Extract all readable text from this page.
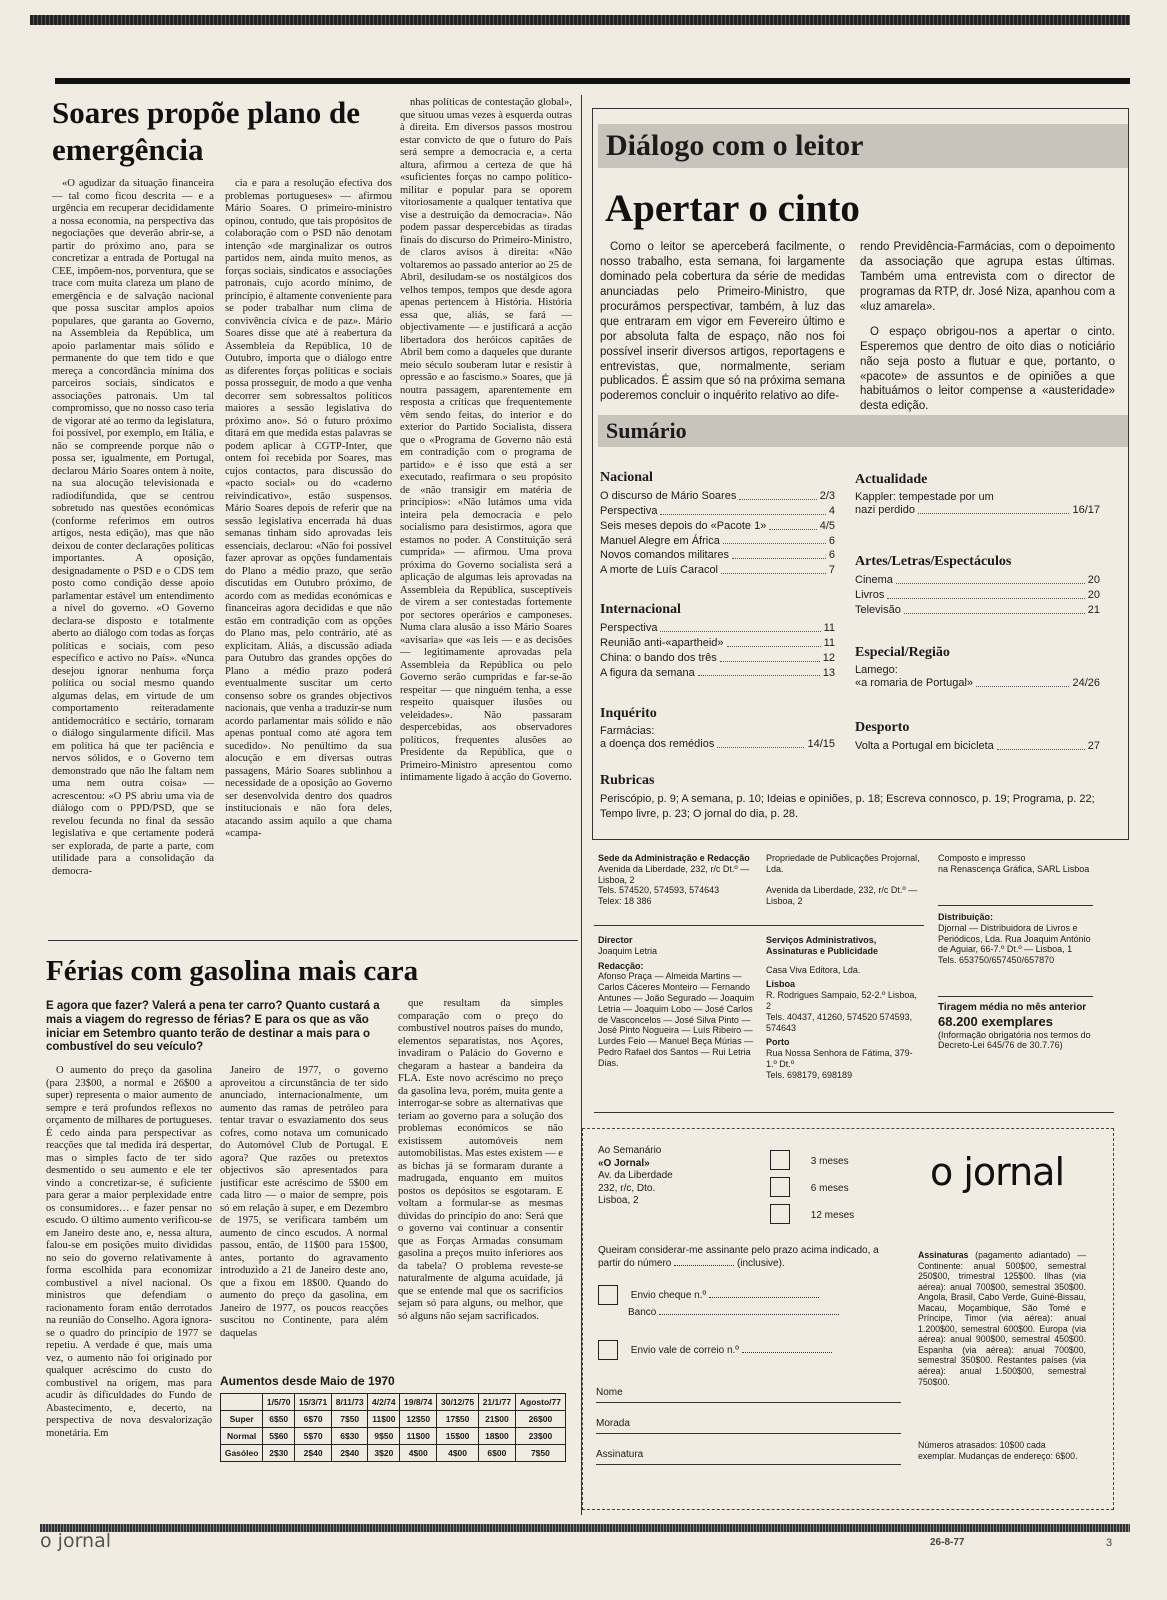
Soares propõe plano de emergência

«O agudizar da situação financeira — tal como ficou descrita — e a urgência em recuperar decididamente a nossa economia, na perspectiva das negociações que deverão abrir-se, a partir do próximo ano, para se concretizar a entrada de Portugal na CEE, impõem-nos, porventura, que se trace com muita clareza um plano de emergência e de salvação nacional que possa suscitar amplos apoios populares, que garanta ao Governo, na Assembleia da República, um apoio parlamentar mais sólido e permanente do que tem tido e que mereça a concordância mínima dos parceiros sociais, sindicatos e associações patronais. Um tal compromisso, que no nosso caso teria de vigorar até ao termo da legislatura, foi possível, por exemplo, em Itália, e não se compreende porque não o possa ser, igualmente, em Portugal, declarou Mário Soares ontem à noite, na sua alocução televisionada e radiodifundida, que se centrou sobretudo nas questões económicas (conforme referimos em outros artigos, nesta edição), mas que não deixou de conter declarações políticas importantes. A oposição, designadamente o PSD e o CDS tem posto como condição desse apoio parlamentar estável um entendimento a nível do governo. «O Governo declara-se disposto e totalmente aberto ao diálogo com todas as forças políticas e sociais, com peso específico e activo no País». «Nunca desejou ignorar nenhuma força política ou social mesmo quando algumas delas, em virtude de um comportamento reiteradamente antidemocrático e sectário, tornaram o diálogo singularmente difícil. Mas em política há que ter paciência e nervos sólidos, e o Governo tem demonstrado que não lhe faltam nem uma nem outra coisa» — acrescentou: «O PS abriu uma via de diálogo com o PPD/PSD, que se revelou fecunda no final da sessão legislativa e que certamente poderá ser explorada, de parte a parte, com utilidade para a consolidação da democra-

cia e para a resolução efectiva dos problemas portugueses» — afirmou Mário Soares. O primeiro-ministro opinou, contudo, que tais propósitos de colaboração com o PSD não denotam intenção «de marginalizar os outros partidos nem, ainda muito menos, as forças sociais, sindicatos e associações patronais, cujo acordo mínimo, de princípio, é altamente conveniente para se poder trabalhar num clima de convivência cívica e de paz». Mário Soares disse que até à reabertura da Assembleia da República, 10 de Outubro, importa que o diálogo entre as diferentes forças políticas e sociais possa prosseguir, de modo a que venha decorrer sem sobressaltos políticos maiores a sessão legislativa do próximo ano». Só o futuro próximo ditará em que medida estas palavras se podem aplicar à CGTP-Inter, que ontem foi recebida por Soares, mas cujos contactos, para discussão do «pacto social» ou do «caderno reivindicativo», estão suspensos. Mário Soares depois de referir que na sessão legislativa encerrada há duas semanas tinham sido aprovadas leis essenciais, declarou: «Não foi possível fazer aprovar as opções fundamentais do Plano a médio prazo, que serão discutidas em Outubro próximo, de acordo com as medidas económicas e financeiras agora decididas e que não estão em contradição com as opções do Plano mas, pelo contrário, até as explicitam. Aliás, a discussão adiada para Outubro das grandes opções do Plano a médio prazo poderá eventualmente suscitar um certo consenso sobre os grandes objectivos nacionais, que venha a traduzir-se num acordo parlamentar mais sólido e não apenas pontual como até agora tem sucedido». No penúltimo da sua alocução e em diversas outras passagens, Mário Soares sublinhou a necessidade de a oposição ao Governo ser desenvolvida dentro dos quadros institucionais e não fora deles, atacando assim aquilo a que chama «campa-

nhas políticas de contestação global», que situou umas vezes à esquerda outras à direita. Em diversos passos mostrou estar convicto de que o futuro do País será sempre a democracia e, a certa altura, afirmou a certeza de que há «suficientes forças no campo político-militar e popular para se oporem vitoriosamente a qualquer tentativa que vise a destruição da democracia». Não podem passar despercebidas as tiradas finais do discurso do Primeiro-Ministro, de claros avisos à direita: «Não voltaremos ao passado anterior ao 25 de Abril, desiludam-se os nostálgicos dos velhos tempos, tempos que desde agora apenas pertencem à História. História essa que, aliás, se fará — objectivamente — e justificará a acção libertadora dos heróicos capitães de Abril bem como a daqueles que durante meio século souberam lutar e resistir à opressão e ao fascismo.» Soares, que já noutra passagem, aparentemente em resposta a críticas que frequentemente vêm sendo feitas, do interior e do exterior do Partido Socialista, dissera que o «Programa de Governo não está em contradição com o programa de partido» e é isso que está a ser executado, reafirmara o seu propósito de «não transigir em matéria de princípios»: «Não lutámos uma vida inteira pela democracia e pelo socialismo para desistirmos, agora que estamos no poder. A Constituição será cumprida» — afirmou. Uma prova próxima do Governo socialista será a aplicação de algumas leis aprovadas na Assembleia da República, susceptíveis de virem a ser contestadas fortemente por sectores operários e camponeses. Numa clara alusão a isso Mário Soares «avisaria» que «as leis — e as decisões — legitimamente aprovadas pela Assembleia da República ou pelo Governo serão cumpridas e far-se-ão respeitar — que ninguém tenha, a esse respeito quaisquer ilusões ou veleidades». Não passaram despercebidas, aos observadores políticos, frequentes alusões ao Presidente da República, que o Primeiro-Ministro apresentou como intimamente ligado à acção do Governo.

Férias com gasolina mais cara
E agora que fazer? Valerá a pena ter carro? Quanto custará a mais a viagem do regresso de férias? E para os que as vão iniciar em Setembro quanto terão de destinar a mais para o combustível do seu veículo?

O aumento do preço da gasolina (para 23$00, a normal e 26$00 a super) representa o maior aumento de sempre e terá profundos reflexos no orçamento de milhares de portugueses. É cedo ainda para perspectivar as reacções que tal medida irá despertar, mas o simples facto de ter sido desmentido o seu aumento e ele ter vindo a concretizar-se, é suficiente para gerar a maior perplexidade entre os consumidores… e fazer pensar no escudo. O último aumento verificou-se em Janeiro deste ano, e, nessa altura, falou-se em posições muito divididas no seio do governo relativamente à forma escolhida para economizar combustível a nível nacional. Os ministros que defendiam o racionamento foram então derrotados na reunião do Conselho. Agora ignora-se o quadro do princípio de 1977 se repetiu. A verdade é que, mais uma vez, o aumento não foi originado por qualquer acréscimo do custo do combustível na origem, mas para acudir às dificuldades do Fundo de Abastecimento, e, decerto, na perspectiva de nova desvalorização monetária. Em

Janeiro de 1977, o governo aproveitou a circunstância de ter sido anunciado, internacionalmente, um aumento das ramas de petróleo para tentar travar o esvaziamento dos seus cofres, como notava um comunicado do Automóvel Club de Portugal. E agora? Que razões ou pretextos objectivos são apresentados para justificar este acréscimo de 5$00 em cada litro — o maior de sempre, pois só em relação à super, e em Dezembro de 1975, se verificara também um aumento de cinco escudos. A normal passou, então, de 11$00 para 15$00, antes, portanto do agravamento introduzido a 21 de Janeiro deste ano, que a fixou em 18$00. Quando do aumento do preço da gasolina, em Janeiro de 1977, os poucos reacções suscitou no Continente, para além daquelas

que resultam da simples comparação com o preço do combustível noutros países do mundo, elementos separatistas, nos Açores, invadiram o Palácio do Governo e chegaram a hastear a bandeira da FLA. Este novo acréscimo no preço da gasolina leva, porém, muita gente a interrogar-se sobre as alternativas que teriam ao governo para a solução dos problemas económicos se não existissem automóveis nem automobilistas. Mas estes existem — e as bichas já se formaram durante a madrugada, enquanto em muitos postos os depósitos se esgotaram. E voltam a formular-se as mesmas dúvidas do princípio do ano: Será que o governo vai continuar a consentir que as Forças Armadas consumam gasolina a preços muito inferiores aos da tabela? O problema reveste-se naturalmente de alguma acuidade, já que se entende mal que os sacrifícios sejam só para alguns, ou melhor, que só alguns não sejam sacrificados.

Aumentos desde Maio de 1970
	1/5/70	15/3/71	8/11/73	4/2/74	19/8/74	30/12/75	21/1/77	Agosto/77
Super	6$50	6$70	7$50	11$00	12$50	17$50	21$00	26$00
Normal	5$60	5$70	6$30	9$50	11$00	15$00	18$00	23$00
Gasóleo	2$30	2$40	2$40	3$20	4$00	4$00	6$00	7$50
Diálogo com o leitor
Apertar o cinto

Como o leitor se aperceberá facilmente, o nosso trabalho, esta semana, foi largamente dominado pela cobertura da série de medidas anunciadas pelo Primeiro-Ministro, que procurámos perspectivar, também, à luz das que entraram em vigor em Fevereiro último e por absoluta falta de espaço, não nos foi possível inserir diversos artigos, reportagens e entrevistas, que, normalmente, seriam publicados. É assim que só na próxima semana poderemos concluir o inquérito relativo ao dife-

rendo Previdência-Farmácias, com o depoimento da associação que agrupa estas últimas. Também uma entrevista com o director de programas da RTP, dr. José Niza, apanhou com a «luz amarela».

O espaço obrigou-nos a apertar o cinto. Esperemos que dentro de oito dias o noticiário não seja posto a flutuar e que, portanto, o «pacote» de assuntos e de opiniões a que habituámos o leitor compense a «austeridade» desta edição.

Sumário
Nacional
O discurso de Mário Soares	2/3
Perspectiva	4
Seis meses depois do «Pacote 1»	4/5
Manuel Alegre em África	6
Novos comandos militares	6
A morte de Luís Caracol	7
Internacional
Perspectiva	11
Reunião anti-«apartheid»	11
China: o bando dos três	12
A figura da semana	13
Inquérito
Farmácias:
a doença dos remédios	14/15
Actualidade
Kappler: tempestade por um
nazi perdido	16/17
Artes/Letras/Espectáculos
Cinema	20
Livros	20
Televisão	21
Especial/Região
Lamego:
«a romaria de Portugal»	24/26
Desporto
Volta a Portugal em bicicleta	27
Rubricas
Periscópio, p. 9; A semana, p. 10; Ideias e opiniões, p. 18; Escreva connosco, p. 19; Programa, p. 22; Tempo livre, p. 23; O jornal do dia, p. 28.
Sede da Administração e Redacção
Avenida da Liberdade, 232, r/c Dt.º — Lisboa, 2
Tels. 574520, 574593, 574643
Telex: 18 386
Propriedade de Publicações Projornal, Lda.

Avenida da Liberdade, 232, r/c Dt.º — Lisboa, 2
Composto e impresso
na Renascença Gráfica, SARL Lisboa
Director
Joaquim Letria
Redacção:
Afonso Praça — Almeida Martins — Carlos Cáceres Monteiro — Fernando Antunes — João Segurado — Joaquim Letria — Joaquim Lobo — José Carlos de Vasconcelos — José Silva Pinto — José Pinto Nogueira — Luís Ribeiro — Lurdes Feio — Manuel Beça Múrias — Pedro Rafael dos Santos — Rui Letria Dias.
Serviços Administrativos, Assinaturas e Publicidade
Casa Viva Editora, Lda.
Lisboa
R. Rodrigues Sampaio, 52-2.º Lisboa, 2
Tels. 40437, 41260, 574520 574593, 574643
Porto
Rua Nossa Senhora de Fátima, 379-1.º Dt.º
Tels. 698179, 698189
Distribuição:
Djornal — Distribuidora de Livros e Periódicos, Lda. Rua Joaquim António de Aguiar, 66-7.º Dt.º — Lisboa, 1
Tels. 653750/657450/657870
Tiragem média no mês anterior
68.200 exemplares
(Informação obrigatória nos termos do Decreto-Lei 645/76 de 30.7.76)
Ao Semanário
«O Jornal»
Av. da Liberdade
232, r/c, Dto.
Lisboa, 2
3 meses
6 meses
12 meses
o jornal
Queiram considerar-me assinante pelo prazo acima indicado, a partir do número	(inclusive).
Envio cheque n.º
Banco
Envio vale de correio n.º
Nome
Morada
Assinatura
Assinaturas (pagamento adiantado) — Continente: anual 500$00, semestral 250$00, trimestral 125$00. Ilhas (via aérea): anual 700$00, semestral 350$00. Angola, Brasil, Cabo Verde, Guiné-Bissau, Macau, Moçambique, São Tomé e Príncipe, Timor (via aérea): anual 1.200$00, semestral 600$00. Europa (via aérea): anual 900$00, semestral 450$00. Espanha (via aérea): anual 700$00, semestral 350$00. Restantes países (via aérea): anual 1.500$00, semestral 750$00.
Números atrasados: 10$00 cada exemplar. Mudanças de endereço: 6$00.
o jornal	26-8-77	3
